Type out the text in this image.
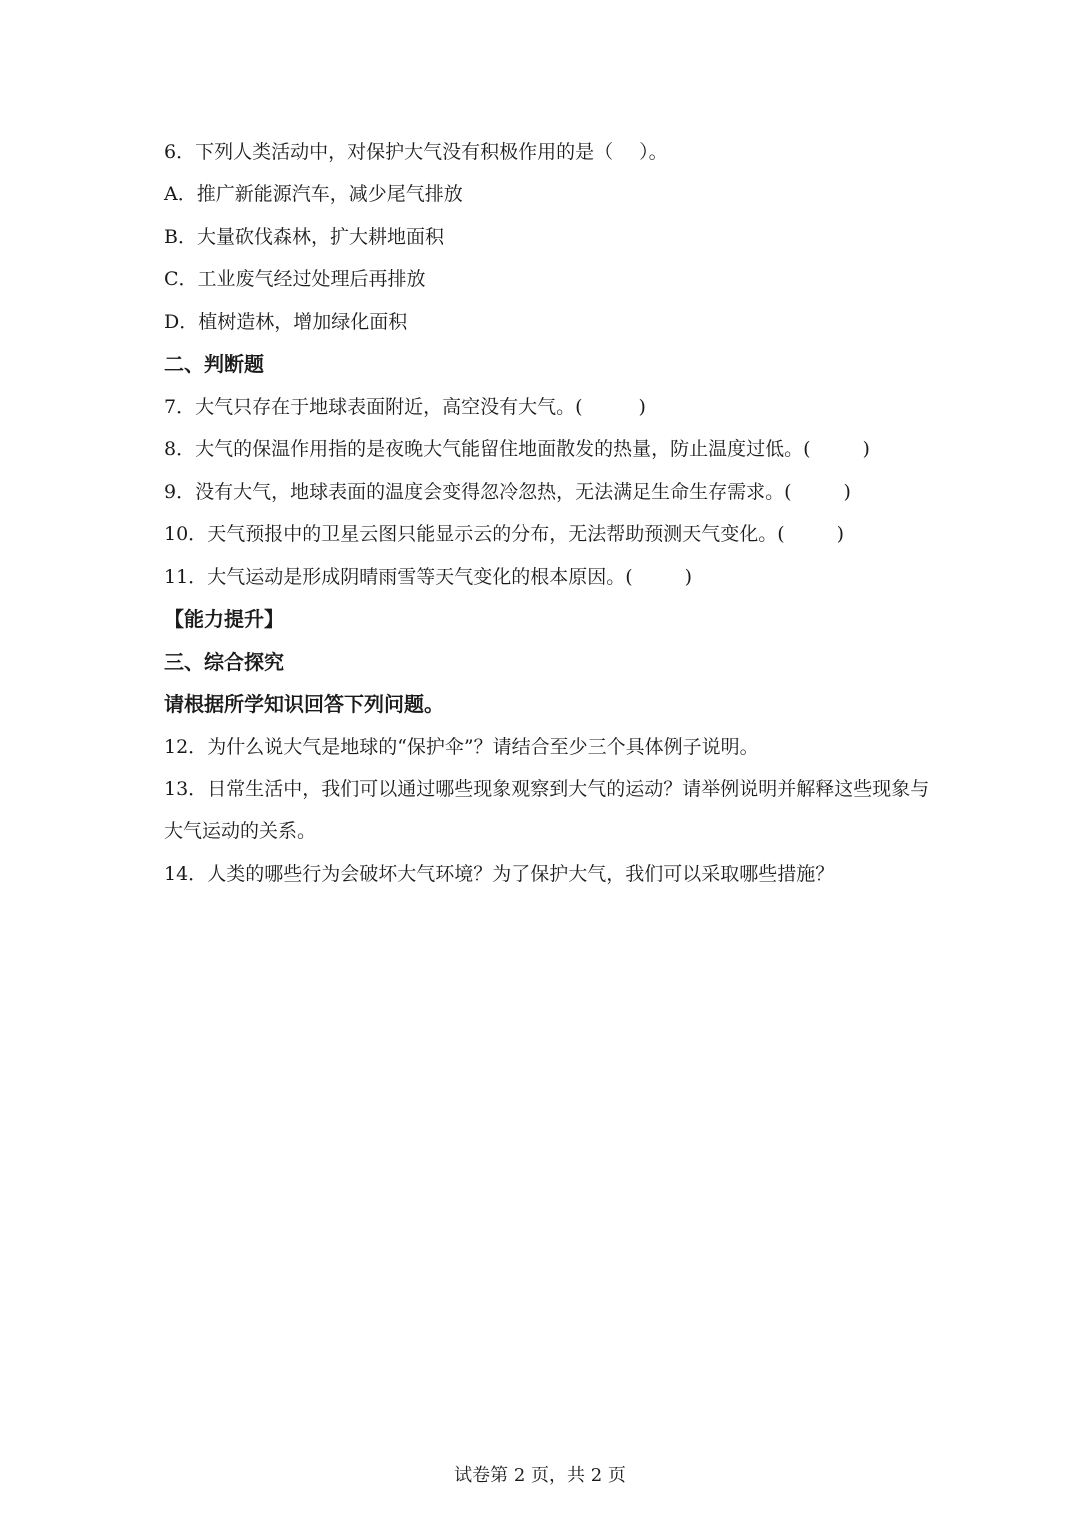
6．下列人类活动中，对保护大气没有积极作用的是（ ）。
A．推广新能源汽车，减少尾气排放
B．大量砍伐森林，扩大耕地面积
C．工业废气经过处理后再排放
D．植树造林，增加绿化面积
二、判断题
7．大气只存在于地球表面附近，高空没有大气。(	)
8．大气的保温作用指的是夜晚大气能留住地面散发的热量，防止温度过低。(	)
9．没有大气，地球表面的温度会变得忽冷忽热，无法满足生命生存需求。(	)
10．天气预报中的卫星云图只能显示云的分布，无法帮助预测天气变化。(	)
11．大气运动是形成阴晴雨雪等天气变化的根本原因。(	)
【能力提升】
三、综合探究
请根据所学知识回答下列问题。
12．为什么说大气是地球的“保护伞”？请结合至少三个具体例子说明。
13．日常生活中，我们可以通过哪些现象观察到大气的运动？请举例说明并解释这些现象与
大气运动的关系。
14．人类的哪些行为会破坏大气环境？为了保护大气，我们可以采取哪些措施？
试卷第 2 页，共 2 页
